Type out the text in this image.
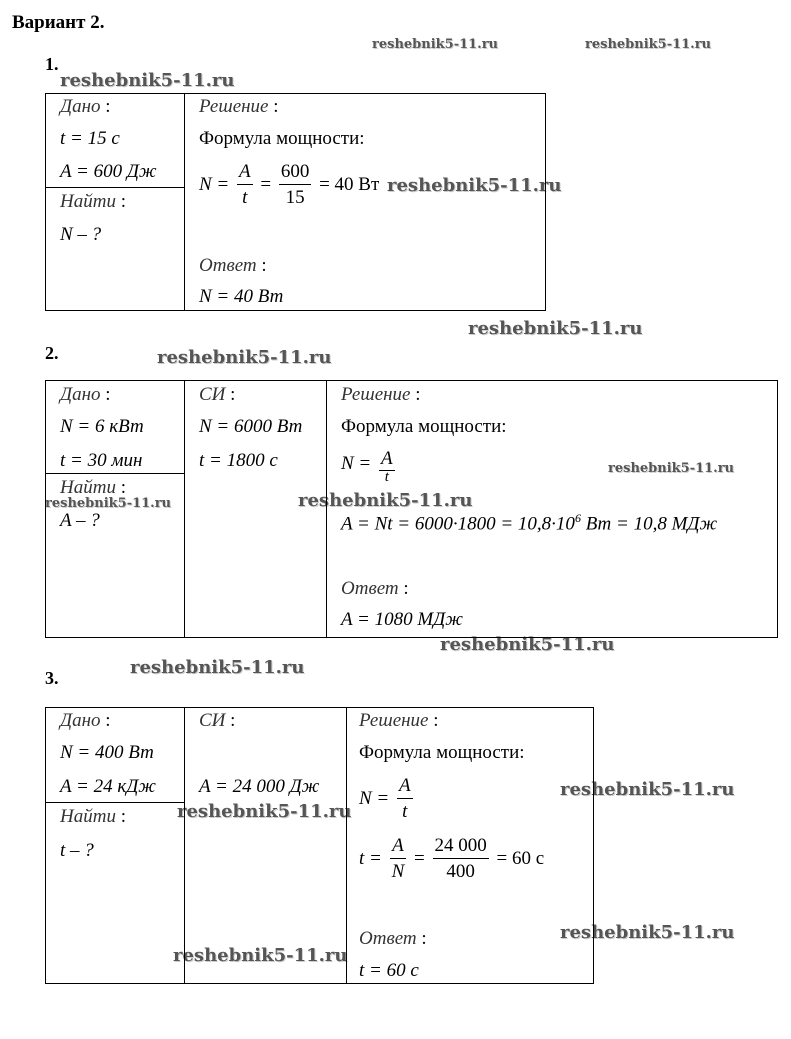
Вариант 2.
reshebnik5-11.ru	reshebnik5-11.ru
reshebnik5-11.ru
reshebnik5-11.ru
reshebnik5-11.ru
reshebnik5-11.ru
reshebnik5-11.ru
reshebnik5-11.ru
reshebnik5-11.ru
reshebnik5-11.ru
reshebnik5-11.ru
reshebnik5-11.ru
reshebnik5-11.ru
reshebnik5-11.ru
reshebnik5-11.ru
1.
Дано :
t = 15 с
A = 600 Дж
Найти :
N – ?
Решение :
Формула мощности:
$N = \frac{A}{t} = \frac{600}{15} = 40$ Вт
Ответ :
N = 40 Вт
2.
Дано :
N = 6 кВт
t = 30 мин
Найти :
A – ?
СИ :
N = 6000 Вт
t = 1800 с
Решение :
Формула мощности:
$N = \frac{A}{t}$
$A = Nt = 6000\cdot 1800 = 10,8\cdot 10^6$ Вт = 10,8 МДж
Ответ :
A = 1080 МДж
3.
Дано :
N = 400 Вт
A = 24 кДж
Найти :
t – ?
СИ :
A = 24 000 Дж
Решение :
Формула мощности:
$N = \frac{A}{t}$
$t = \frac{A}{N} = \frac{24 000}{400} = 60$ с
Ответ :
t = 60 с
